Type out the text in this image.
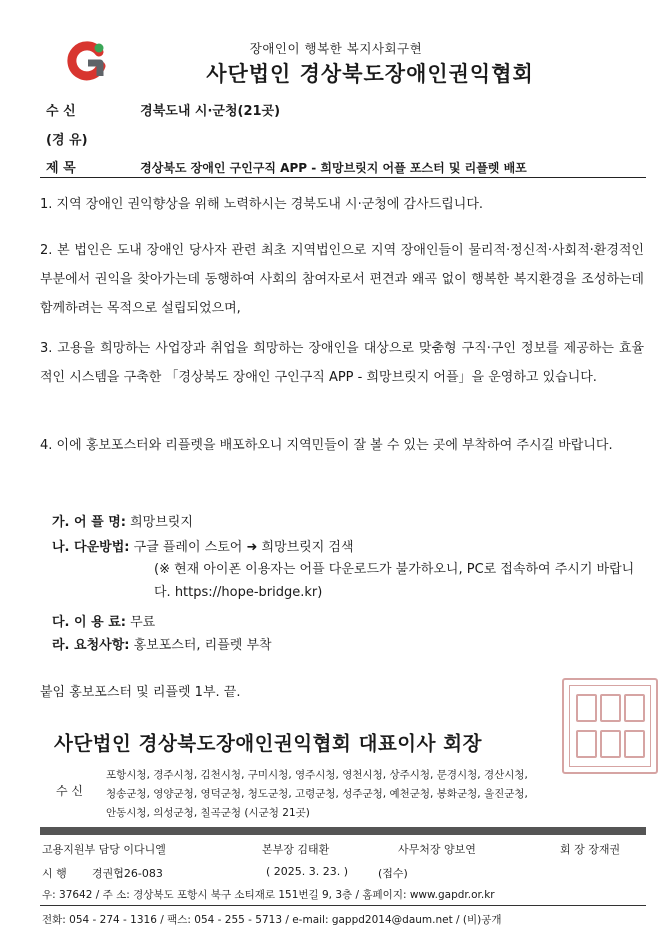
장애인이 행복한 복지사회구현
사단법인 경상북도장애인권익협회
수 신	경북도내 시·군청(21곳)
(경 유)
제 목	경상북도 장애인 구인구직 APP - 희망브릿지 어플 포스터 및 리플렛 배포
1. 지역 장애인 권익향상을 위해 노력하시는 경북도내 시·군청에 감사드립니다.
2. 본 법인은 도내 장애인 당사자 관련 최초 지역법인으로 지역 장애인들이 물리적·정신적·사회적·환경적인 부분에서 권익을 찾아가는데 동행하여 사회의 참여자로서 편견과 왜곡 없이 행복한 복지환경을 조성하는데 함께하려는 목적으로 설립되었으며,
3. 고용을 희망하는 사업장과 취업을 희망하는 장애인을 대상으로 맞춤형 구직·구인 정보를 제공하는 효율적인 시스템을 구축한 「경상북도 장애인 구인구직 APP - 희망브릿지 어플」을 운영하고 있습니다.
4. 이에 홍보포스터와 리플렛을 배포하오니 지역민들이 잘 볼 수 있는 곳에 부착하여 주시길 바랍니다.
가. 어 플 명: 희망브릿지
나. 다운방법: 구글 플레이 스토어 ➜ 희망브릿지 검색
(※ 현재 아이폰 이용자는 어플 다운로드가 불가하오니, PC로 접속하여 주시기 바랍니다. https://hope-bridge.kr)
다. 이 용 료: 무료
라. 요청사항: 홍보포스터, 리플렛 부착
붙임 홍보포스터 및 리플렛 1부. 끝.
사단법인 경상북도장애인권익협회 대표이사 회장
수 신
포항시청, 경주시청, 김천시청, 구미시청, 영주시청, 영천시청, 상주시청, 문경시청, 경산시청,
청송군청, 영양군청, 영덕군청, 청도군청, 고령군청, 성주군청, 예천군청, 봉화군청, 울진군청,
안동시청, 의성군청, 칠곡군청 (시군청 21곳)
고용지원부 담당 이다니엘	본부장 김태환	사무처장 양보연	회 장 장재권
시 행 경권협26-083	( 2025. 3. 23. )	(접수)
우: 37642 / 주 소: 경상북도 포항시 북구 소티재로 151번길 9, 3층 / 홈페이지: www.gapdr.or.kr
전화: 054 - 274 - 1316 / 팩스: 054 - 255 - 5713 / e-mail: gappd2014@daum.net / (비)공개
